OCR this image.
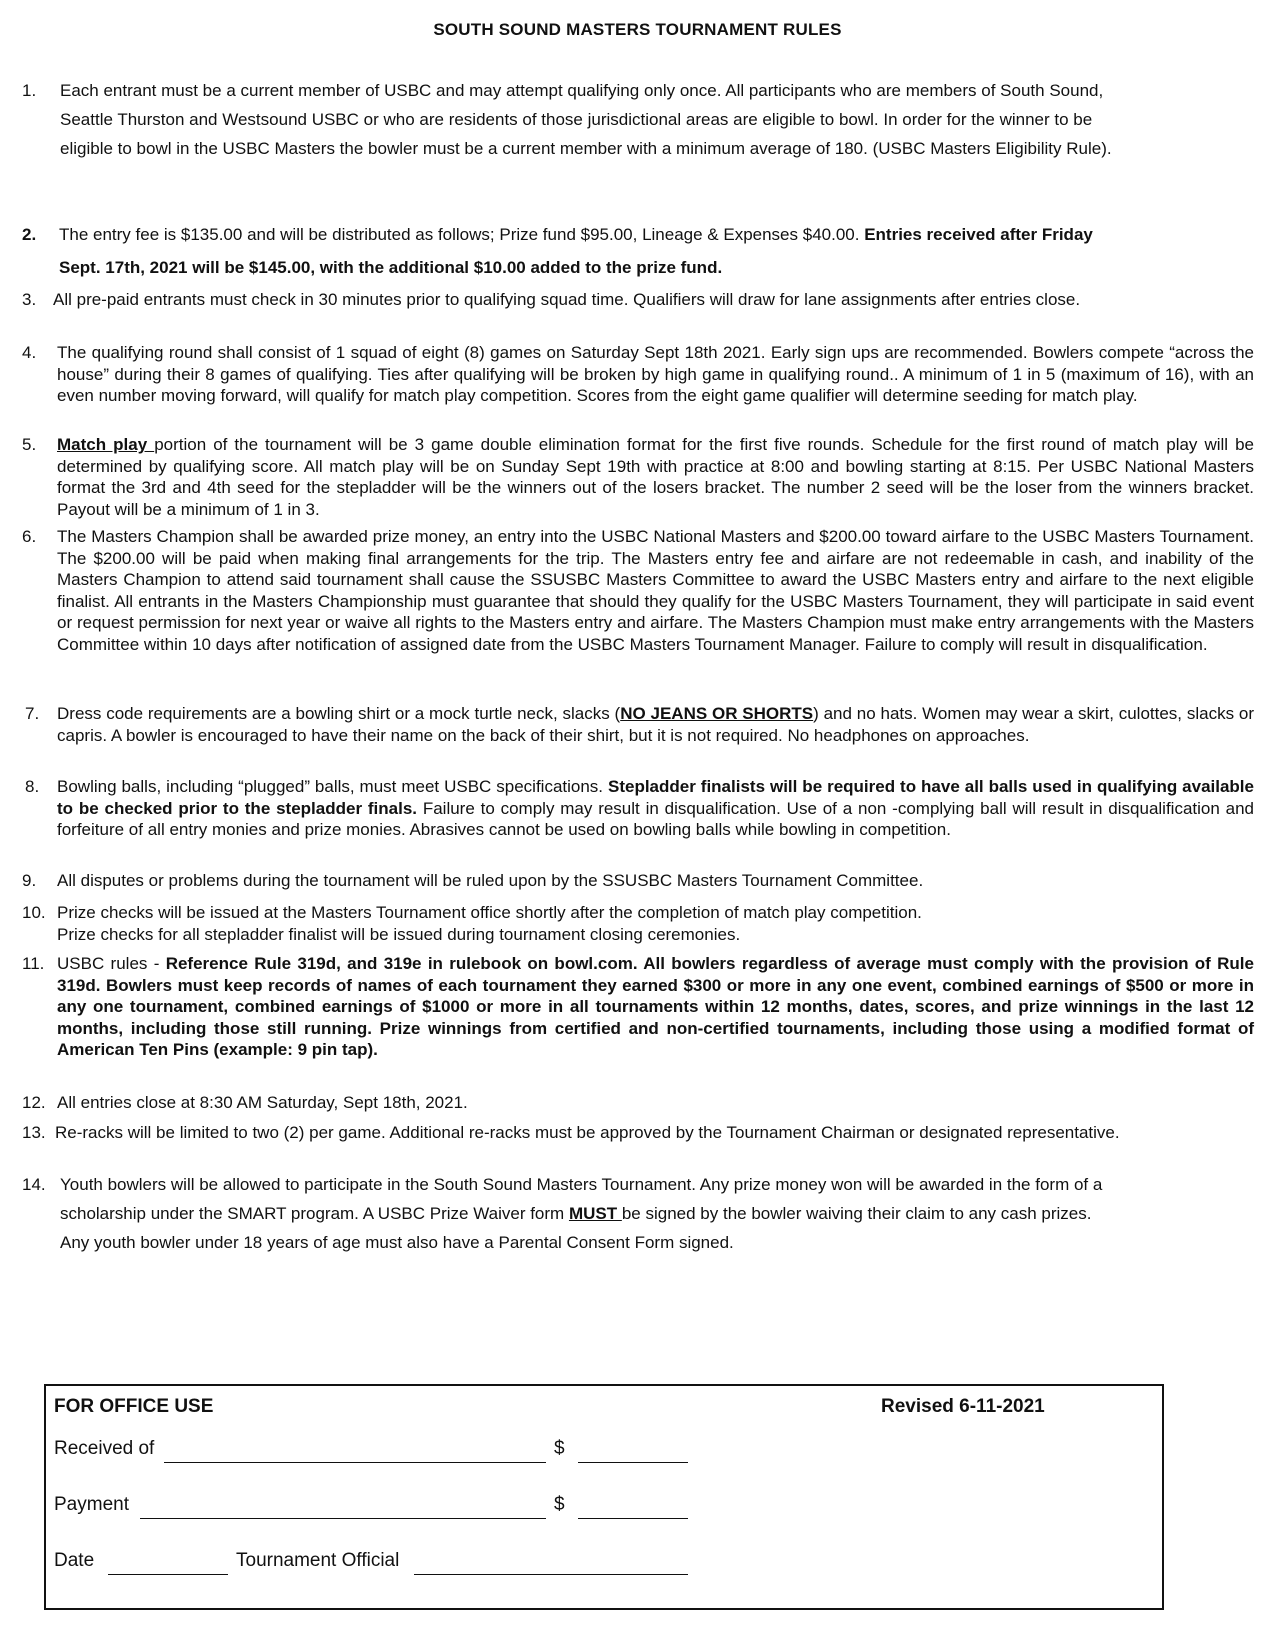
SOUTH SOUND MASTERS TOURNAMENT RULES
1.	Each entrant must be a current member of USBC and may attempt qualifying only once. All participants who are members of South Sound, Seattle Thurston and Westsound USBC or who are residents of those jurisdictional areas are eligible to bowl. In order for the winner to be eligible to bowl in the USBC Masters the bowler must be a current member with a minimum average of 180. (USBC Masters Eligibility Rule).
2.	The entry fee is $135.00 and will be distributed as follows; Prize fund $95.00, Lineage & Expenses $40.00. Entries received after Friday Sept. 17th, 2021 will be $145.00, with the additional $10.00 added to the prize fund.
3. All pre-paid entrants must check in 30 minutes prior to qualifying squad time. Qualifiers will draw for lane assignments after entries close.
4.	The qualifying round shall consist of 1 squad of eight (8) games on Saturday Sept 18th 2021. Early sign ups are recommended. Bowlers compete “across the house” during their 8 games of qualifying. Ties after qualifying will be broken by high game in qualifying round.. A minimum of 1 in 5 (maximum of 16), with an even number moving forward, will qualify for match play competition. Scores from the eight game qualifier will determine seeding for match play.
5.	Match play portion of the tournament will be 3 game double elimination format for the first five rounds. Schedule for the first round of match play will be determined by qualifying score. All match play will be on Sunday Sept 19th with practice at 8:00 and bowling starting at 8:15. Per USBC National Masters format the 3rd and 4th seed for the stepladder will be the winners out of the losers bracket. The number 2 seed will be the loser from the winners bracket. Payout will be a minimum of 1 in 3.
6.	The Masters Champion shall be awarded prize money, an entry into the USBC National Masters and $200.00 toward airfare to the USBC Masters Tournament. The $200.00 will be paid when making final arrangements for the trip. The Masters entry fee and airfare are not redeemable in cash, and inability of the Masters Champion to attend said tournament shall cause the SSUSBC Masters Committee to award the USBC Masters entry and airfare to the next eligible finalist. All entrants in the Masters Championship must guarantee that should they qualify for the USBC Masters Tournament, they will participate in said event or request permission for next year or waive all rights to the Masters entry and airfare. The Masters Champion must make entry arrangements with the Masters Committee within 10 days after notification of assigned date from the USBC Masters Tournament Manager. Failure to comply will result in disqualification.
7.	Dress code requirements are a bowling shirt or a mock turtle neck, slacks (NO JEANS OR SHORTS) and no hats. Women may wear a skirt, culottes, slacks or capris. A bowler is encouraged to have their name on the back of their shirt, but it is not required. No headphones on approaches.
8.	Bowling balls, including “plugged” balls, must meet USBC specifications. Stepladder finalists will be required to have all balls used in qualifying available to be checked prior to the stepladder finals. Failure to comply may result in disqualification. Use of a non -complying ball will result in disqualification and forfeiture of all entry monies and prize monies. Abrasives cannot be used on bowling balls while bowling in competition.
9.	All disputes or problems during the tournament will be ruled upon by the SSUSBC Masters Tournament Committee.
10. Prize checks will be issued at the Masters Tournament office shortly after the completion of match play competition.
Prize checks for all stepladder finalist will be issued during tournament closing ceremonies.
11. USBC rules - Reference Rule 319d, and 319e in rulebook on bowl.com. All bowlers regardless of average must comply with the provision of Rule 319d. Bowlers must keep records of names of each tournament they earned $300 or more in any one event, combined earnings of $500 or more in any one tournament, combined earnings of $1000 or more in all tournaments within 12 months, dates, scores, and prize winnings in the last 12 months, including those still running. Prize winnings from certified and non-certified tournaments, including those using a modified format of American Ten Pins (example: 9 pin tap).
12. All entries close at 8:30 AM Saturday, Sept 18th, 2021.
13. Re-racks will be limited to two (2) per game. Additional re-racks must be approved by the Tournament Chairman or designated representative.
14. Youth bowlers will be allowed to participate in the South Sound Masters Tournament. Any prize money won will be awarded in the form of a scholarship under the SMART program. A USBC Prize Waiver form MUST be signed by the bowler waiving their claim to any cash prizes. Any youth bowler under 18 years of age must also have a Parental Consent Form signed.
FOR OFFICE USE	Revised 6-11-2021
Received of	$
Payment	$
Date	Tournament Official
